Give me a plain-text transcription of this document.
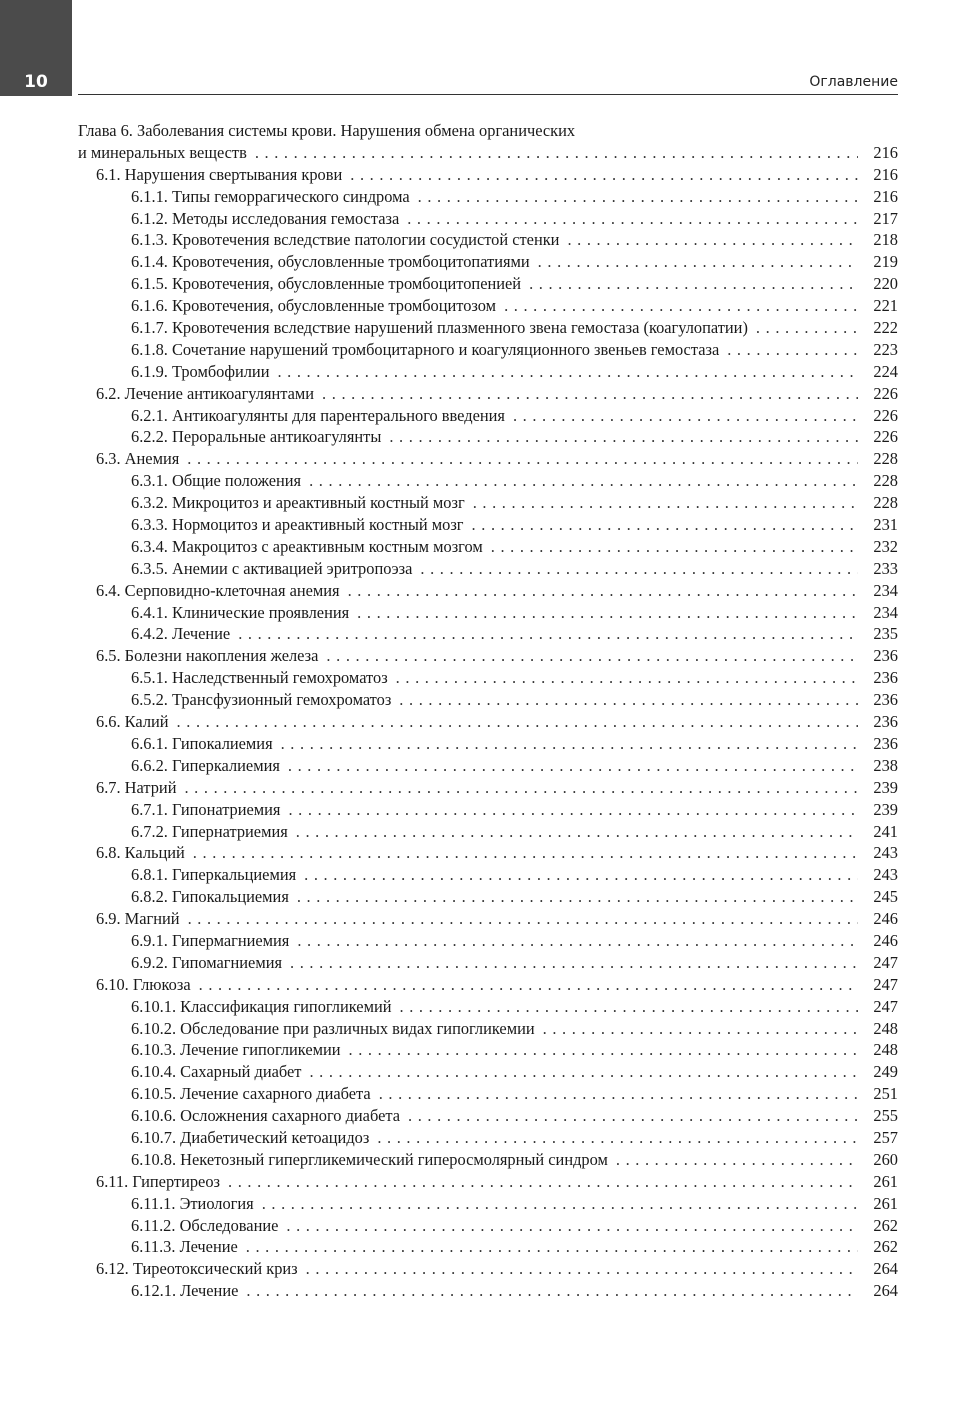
10	Оглавление
Глава 6. Заболевания системы крови. Нарушения обмена органических
и минеральных веществ . . .	216
6.1. Нарушения свертывания крови . . .	216
6.1.1. Типы геморрагического синдрома . . .	216
6.1.2. Методы исследования гемостаза . . .	217
6.1.3. Кровотечения вследствие патологии сосудистой стенки . . .	218
6.1.4. Кровотечения, обусловленные тромбоцитопатиями . . .	219
6.1.5. Кровотечения, обусловленные тромбоцитопенией . . .	220
6.1.6. Кровотечения, обусловленные тромбоцитозом . . .	221
6.1.7. Кровотечения вследствие нарушений плазменного звена гемостаза (коагулопатии) . . .	222
6.1.8. Сочетание нарушений тромбоцитарного и коагуляционного звеньев гемостаза . . .	223
6.1.9. Тромбофилии . . .	224
6.2. Лечение антикоагулянтами . . .	226
6.2.1. Антикоагулянты для парентерального введения . . .	226
6.2.2. Пероральные антикоагулянты . . .	226
6.3. Анемия . . .	228
6.3.1. Общие положения . . .	228
6.3.2. Микроцитоз и ареактивный костный мозг . . .	228
6.3.3. Нормоцитоз и ареактивный костный мозг . . .	231
6.3.4. Макроцитоз с ареактивным костным мозгом . . .	232
6.3.5. Анемии с активацией эритропоэза . . .	233
6.4. Серповидно-клеточная анемия . . .	234
6.4.1. Клинические проявления . . .	234
6.4.2. Лечение . . .	235
6.5. Болезни накопления железа . . .	236
6.5.1. Наследственный гемохроматоз . . .	236
6.5.2. Трансфузионный гемохроматоз . . .	236
6.6. Калий . . .	236
6.6.1. Гипокалиемия . . .	236
6.6.2. Гиперкалиемия . . .	238
6.7. Натрий . . .	239
6.7.1. Гипонатриемия . . .	239
6.7.2. Гипернатриемия . . .	241
6.8. Кальций . . .	243
6.8.1. Гиперкальциемия . . .	243
6.8.2. Гипокальциемия . . .	245
6.9. Магний . . .	246
6.9.1. Гипермагниемия . . .	246
6.9.2. Гипомагниемия . . .	247
6.10. Глюкоза . . .	247
6.10.1. Классификация гипогликемий . . .	247
6.10.2. Обследование при различных видах гипогликемии . . .	248
6.10.3. Лечение гипогликемии . . .	248
6.10.4. Сахарный диабет . . .	249
6.10.5. Лечение сахарного диабета . . .	251
6.10.6. Осложнения сахарного диабета . . .	255
6.10.7. Диабетический кетоацидоз . . .	257
6.10.8. Некетозный гипергликемический гиперосмолярный синдром . . .	260
6.11. Гипертиреоз . . .	261
6.11.1. Этиология . . .	261
6.11.2. Обследование . . .	262
6.11.3. Лечение . . .	262
6.12. Тиреотоксический криз . . .	264
6.12.1. Лечение . . .	264
